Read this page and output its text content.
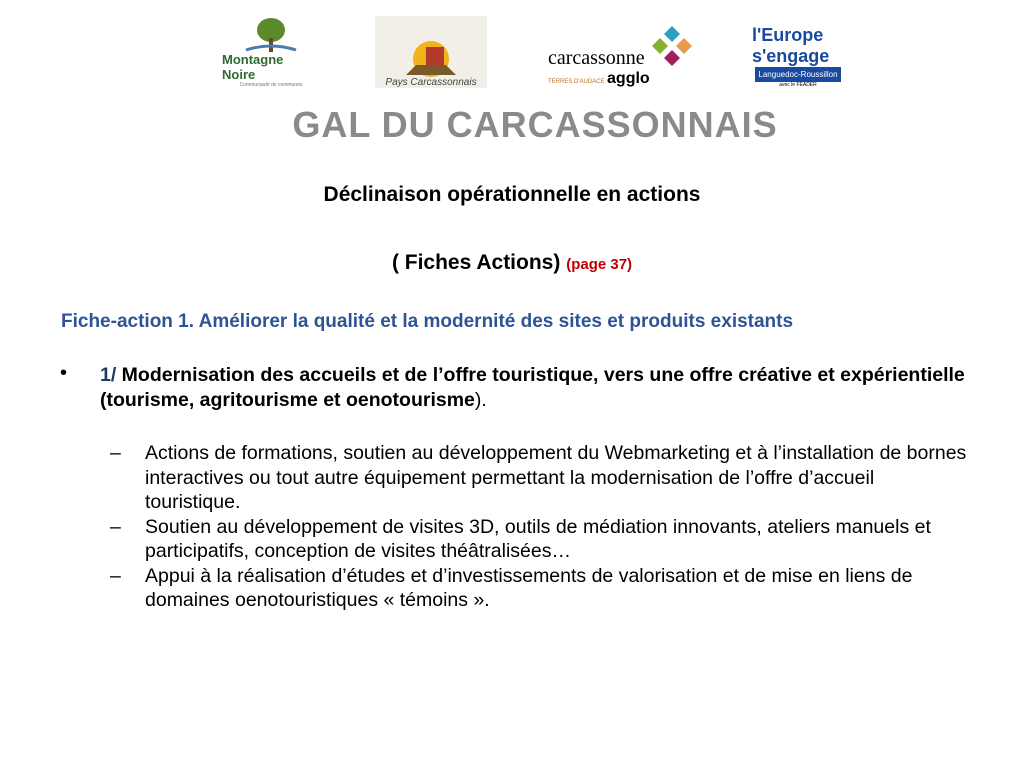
Montagne Noire
Communauté de communes	Pays Carcassonnais
carcassonne
TERRES D'AUDACE agglo
l'Europe s'engage
Languedoc-Roussillon
avec le FEADER
GAL DU CARCASSONNAIS
Déclinaison opérationnelle en actions
( Fiches Actions) (page 37)
Fiche-action 1. Améliorer la qualité et la modernité des sites et produits existants
• 1/ Modernisation des accueils et de l’offre touristique, vers une offre créative et expérientielle (tourisme, agritourisme et oenotourisme).
– Actions de formations, soutien au développement du Webmarketing et à l’installation de bornes interactives ou tout autre équipement permettant la modernisation de l’offre d’accueil touristique.
– Soutien au développement de visites 3D, outils de médiation innovants, ateliers manuels et participatifs, conception de visites théâtralisées…
– Appui à la réalisation d’études et d’investissements de valorisation et de mise en liens de domaines oenotouristiques « témoins ».
